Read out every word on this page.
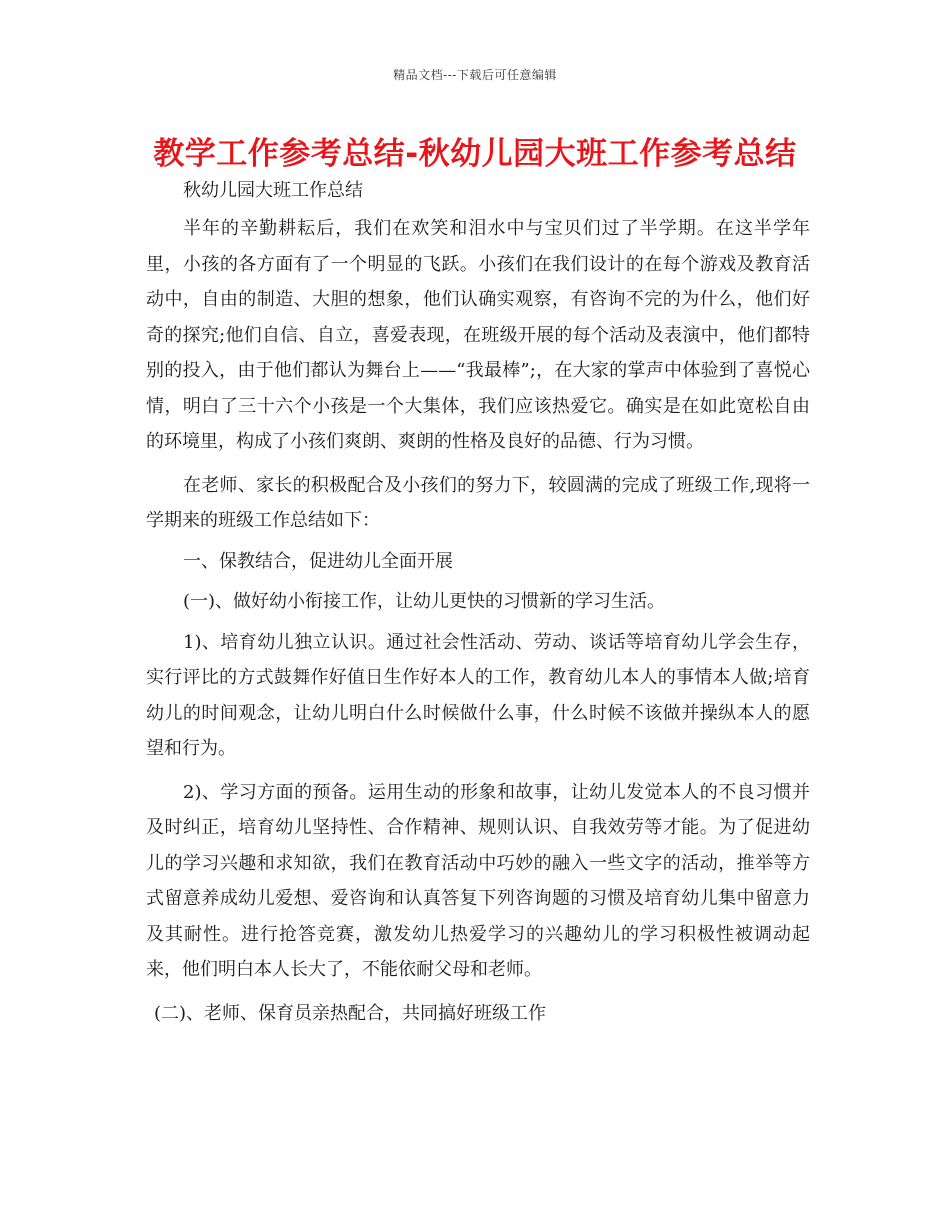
精品文档---下载后可任意编辑
教学工作参考总结-秋幼儿园大班工作参考总结

秋幼儿园大班工作总结

半年的辛勤耕耘后，我们在欢笑和泪水中与宝贝们过了半学期。在这半学年里，小孩的各方面有了一个明显的飞跃。小孩们在我们设计的在每个游戏及教育活动中，自由的制造、大胆的想象，他们认确实观察，有咨询不完的为什么，他们好奇的探究;他们自信、自立，喜爱表现，在班级开展的每个活动及表演中，他们都特别的投入，由于他们都认为舞台上——“我最棒”;，在大家的掌声中体验到了喜悦心情，明白了三十六个小孩是一个大集体，我们应该热爱它。确实是在如此宽松自由的环境里，构成了小孩们爽朗、爽朗的性格及良好的品德、行为习惯。

在老师、家长的积极配合及小孩们的努力下，较圆满的完成了班级工作,现将一学期来的班级工作总结如下：

一、保教结合，促进幼儿全面开展

(一)、做好幼小衔接工作，让幼儿更快的习惯新的学习生活。

1)、培育幼儿独立认识。通过社会性活动、劳动、谈话等培育幼儿学会生存，实行评比的方式鼓舞作好值日生作好本人的工作，教育幼儿本人的事情本人做;培育幼儿的时间观念，让幼儿明白什么时候做什么事，什么时候不该做并操纵本人的愿望和行为。

2)、学习方面的预备。运用生动的形象和故事，让幼儿发觉本人的不良习惯并及时纠正，培育幼儿坚持性、合作精神、规则认识、自我效劳等才能。为了促进幼儿的学习兴趣和求知欲，我们在教育活动中巧妙的融入一些文字的活动，推举等方式留意养成幼儿爱想、爱咨询和认真答复下列咨询题的习惯及培育幼儿集中留意力及其耐性。进行抢答竞赛，激发幼儿热爱学习的兴趣幼儿的学习积极性被调动起来，他们明白本人长大了，不能依耐父母和老师。

(二)、老师、保育员亲热配合，共同搞好班级工作
